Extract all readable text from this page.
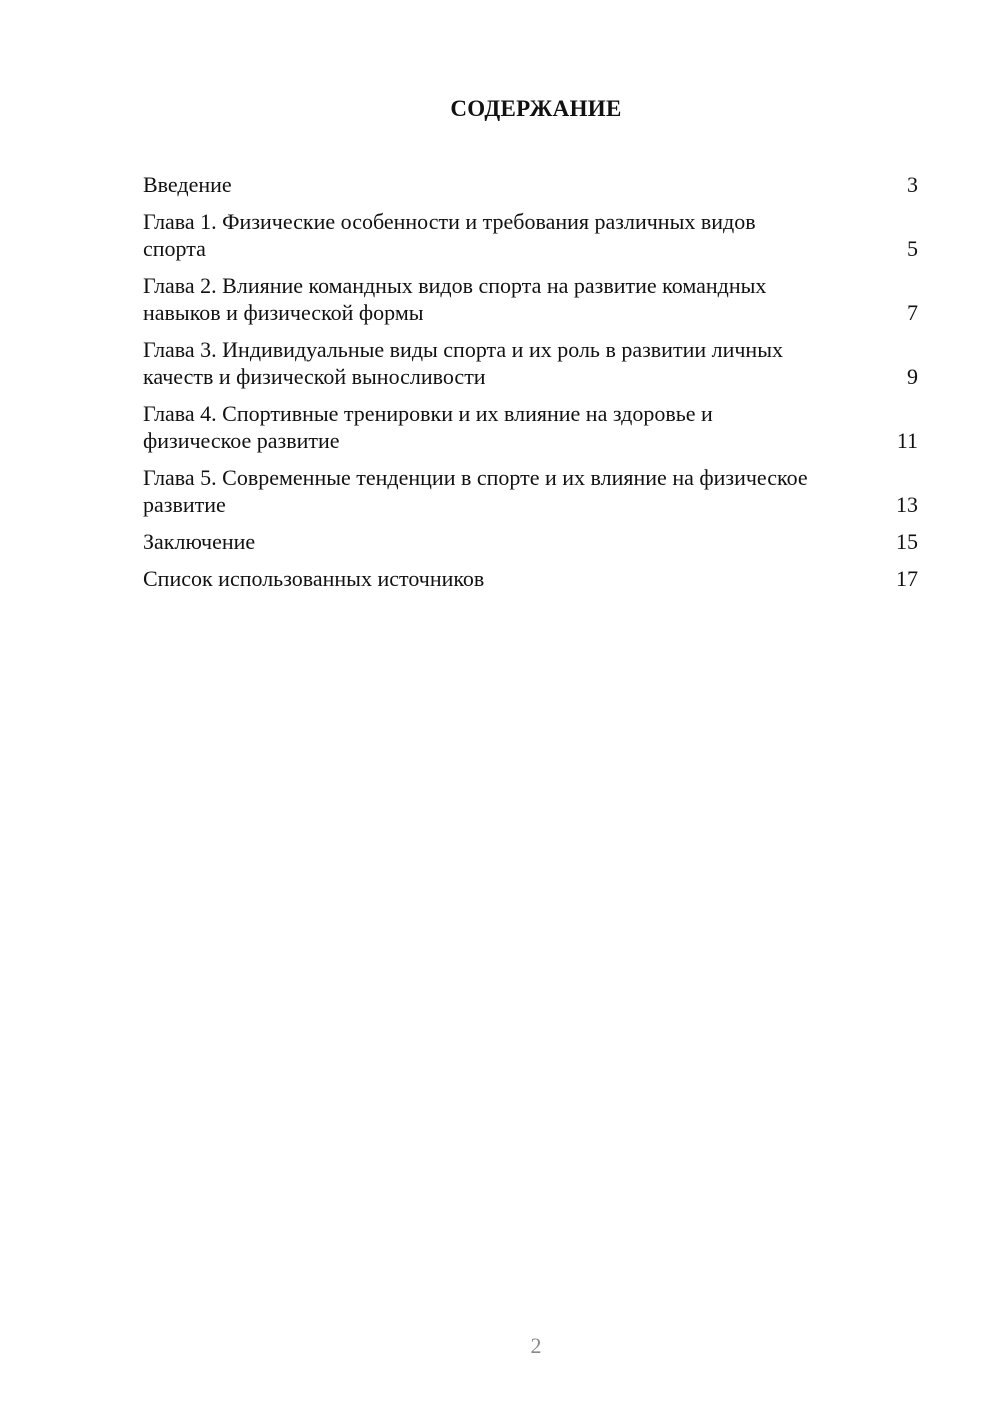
СОДЕРЖАНИЕ
Введение	3
Глава 1. Физические особенности и требования различных видов спорта	5
Глава 2. Влияние командных видов спорта на развитие командных навыков и физической формы	7
Глава 3. Индивидуальные виды спорта и их роль в развитии личных качеств и физической выносливости	9
Глава 4. Спортивные тренировки и их влияние на здоровье и физическое развитие	11
Глава 5. Современные тенденции в спорте и их влияние на физическое развитие	13
Заключение	15
Список использованных источников	17
2
